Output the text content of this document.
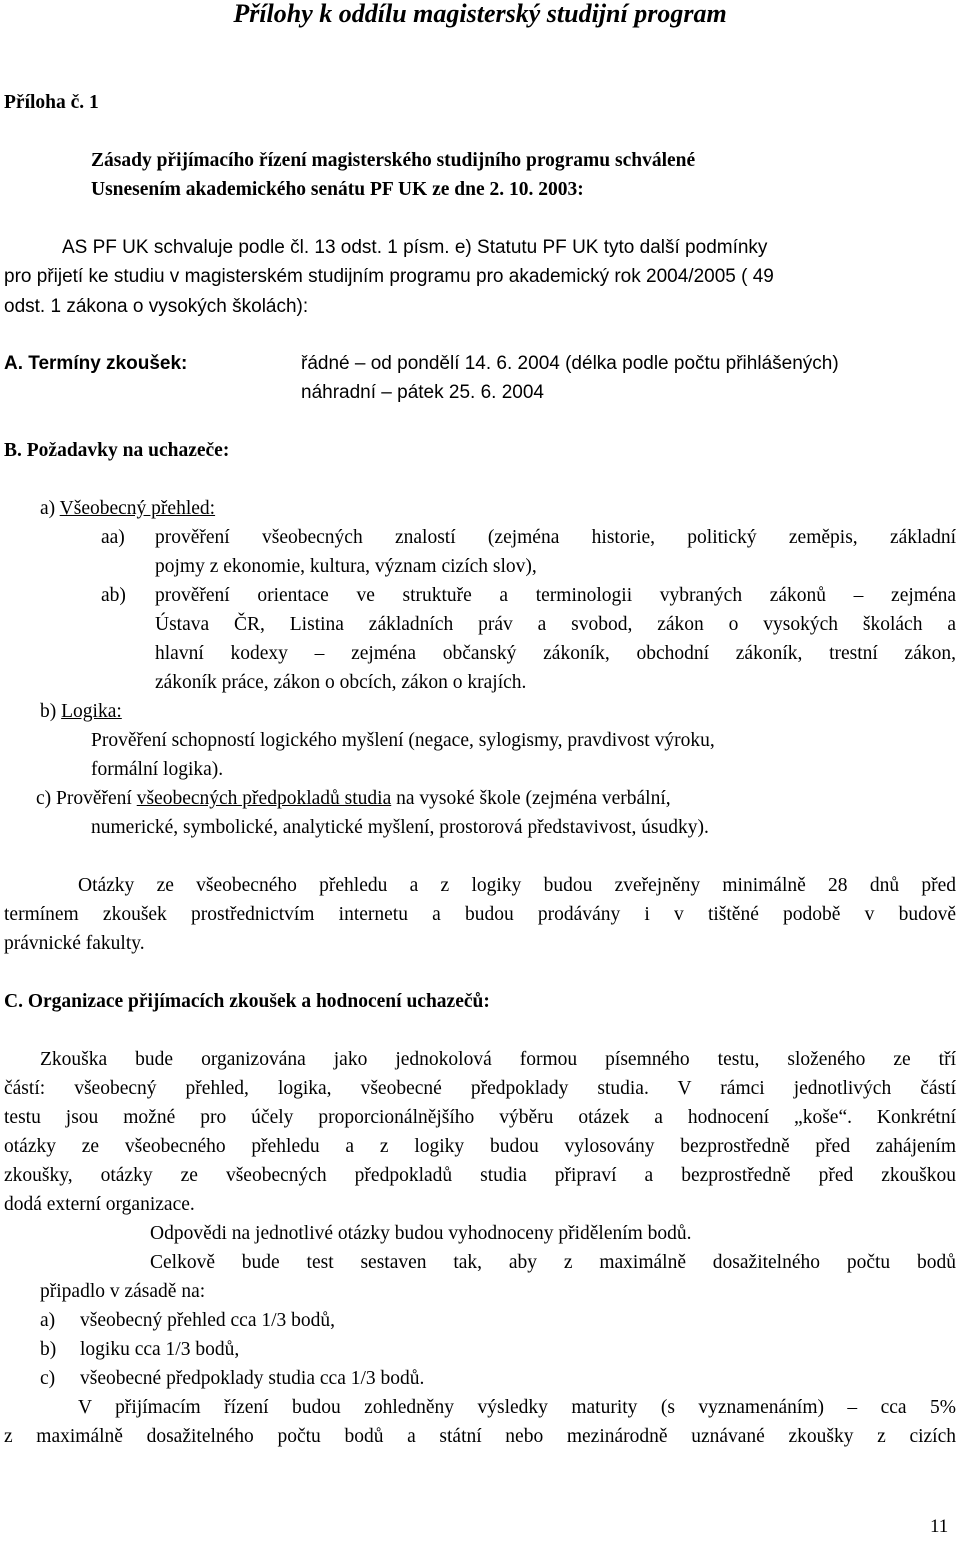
Přílohy k oddílu magisterský studijní program
Příloha č. 1
Zásady přijímacího řízení magisterského studijního programu schválené
Usnesením akademického senátu PF UK ze dne 2. 10. 2003:
AS PF UK schvaluje podle čl. 13 odst. 1 písm. e) Statutu PF UK tyto další podmínky
pro přijetí ke studiu v magisterském studijním programu pro akademický rok 2004/2005 ( 49
odst. 1 zákona o vysokých školách):
A. Termíny zkoušek:	řádné – od pondělí 14. 6. 2004 (délka podle počtu přihlášených)
náhradní – pátek 25. 6. 2004
B. Požadavky na uchazeče:
a) Všeobecný přehled:
aa) prověření všeobecných znalostí (zejména historie, politický zeměpis, základní
pojmy z ekonomie, kultura, význam cizích slov),
ab) prověření orientace ve struktuře a terminologii vybraných zákonů – zejména
Ústava ČR, Listina základních práv a svobod, zákon o vysokých školách a
hlavní kodexy – zejména občanský zákoník, obchodní zákoník, trestní zákon,
zákoník práce, zákon o obcích, zákon o krajích.
b) Logika:
Prověření schopností logického myšlení (negace, sylogismy, pravdivost výroku,
formální logika).
c) Prověření všeobecných předpokladů studia na vysoké škole (zejména verbální,
numerické, symbolické, analytické myšlení, prostorová představivost, úsudky).
Otázky ze všeobecného přehledu a z logiky budou zveřejněny minimálně 28 dnů před
termínem zkoušek prostřednictvím internetu a budou prodávány i v tištěné podobě v budově
právnické fakulty.
C. Organizace přijímacích zkoušek a hodnocení uchazečů:
Zkouška bude organizována jako jednokolová formou písemného testu, složeného ze tří
částí: všeobecný přehled, logika, všeobecné předpoklady studia. V rámci jednotlivých částí
testu jsou možné pro účely proporcionálnějšího výběru otázek a hodnocení „koše“. Konkrétní
otázky ze všeobecného přehledu a z logiky budou vylosovány bezprostředně před zahájením
zkoušky, otázky ze všeobecných předpokladů studia připraví a bezprostředně před zkouškou
dodá externí organizace.
Odpovědi na jednotlivé otázky budou vyhodnoceny přidělením bodů.
Celkově bude test sestaven tak, aby z maximálně dosažitelného počtu bodů
připadlo v zásadě na:
a) všeobecný přehled cca 1/3 bodů,
b) logiku cca 1/3 bodů,
c) všeobecné předpoklady studia cca 1/3 bodů.
V přijímacím řízení budou zohledněny výsledky maturity (s vyznamenáním) – cca 5%
z maximálně dosažitelného počtu bodů a státní nebo mezinárodně uznávané zkoušky z cizích
11
